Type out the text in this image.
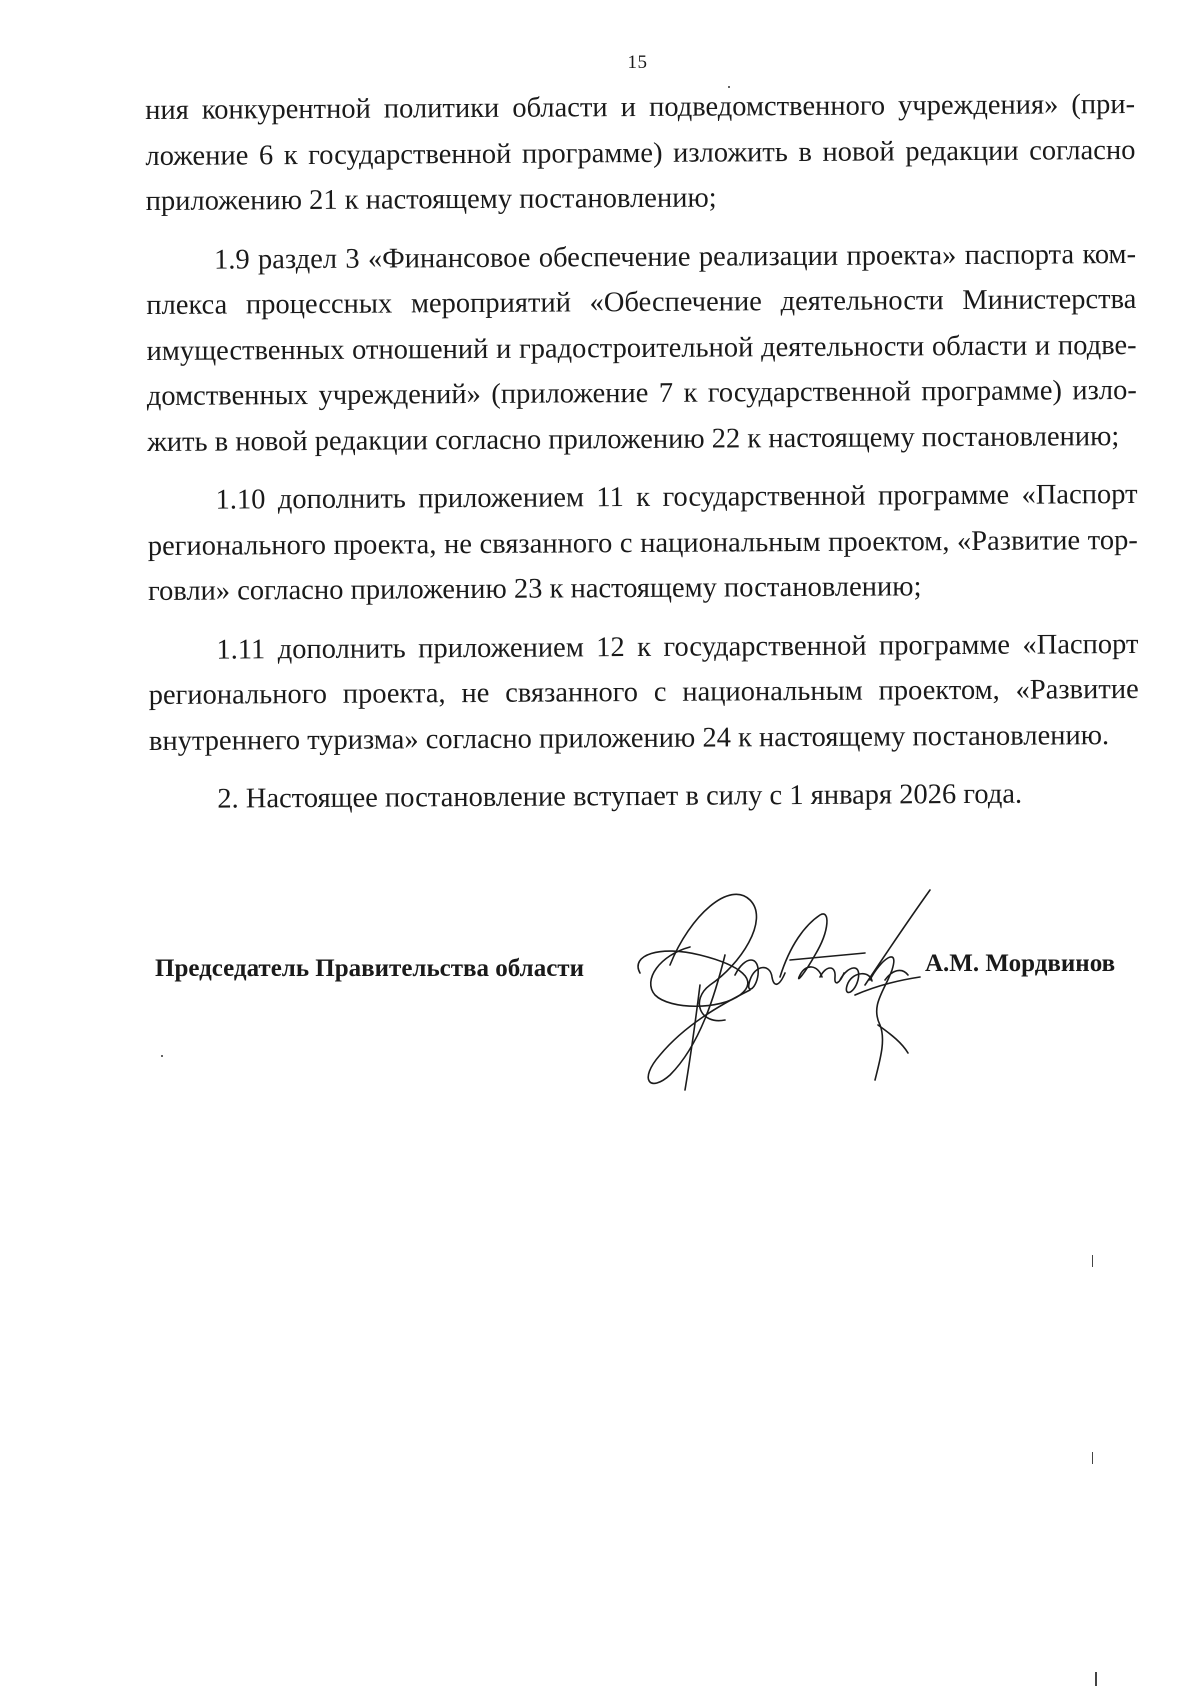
15

ния конкурентной политики области и подведомственного учреждения» (приложение 6 к государственной программе) изложить в новой редакции согласно приложению 21 к настоящему постановлению;

1.9 раздел 3 «Финансовое обеспечение реализации проекта» паспорта комплекса процессных мероприятий «Обеспечение деятельности Министерства имущественных отношений и градостроительной деятельности области и подведомственных учреждений» (приложение 7 к государственной программе) изложить в новой редакции согласно приложению 22 к настоящему постановлению;

1.10 дополнить приложением 11 к государственной программе «Паспорт регионального проекта, не связанного с национальным проектом, «Развитие торговли» согласно приложению 23 к настоящему постановлению;

1.11 дополнить приложением 12 к государственной программе «Паспорт регионального проекта, не связанного с национальным проектом, «Развитие внутреннего туризма» согласно приложению 24 к настоящему постановлению.

2. Настоящее постановление вступает в силу с 1 января 2026 года.

Председатель Правительства области	А.М. Мордвинов
